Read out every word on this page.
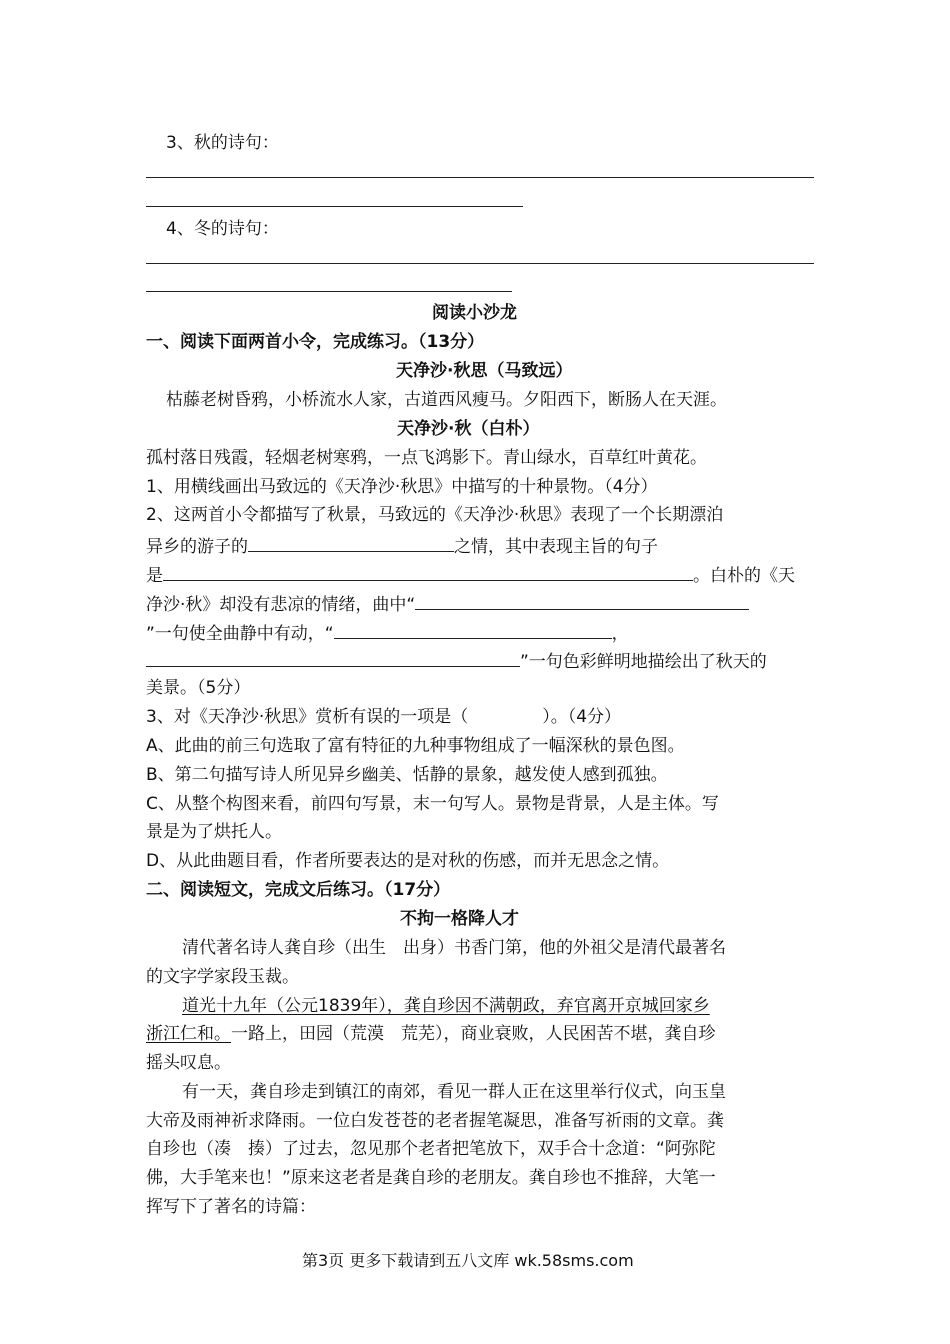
3、秋的诗句：
4、冬的诗句：
阅读小沙龙
一、阅读下面两首小令，完成练习。（13分）
天净沙·秋思（马致远）
枯藤老树昏鸦，小桥流水人家，古道西风瘦马。夕阳西下，断肠人在天涯。
天净沙·秋（白朴）
孤村落日残霞，轻烟老树寒鸦，一点飞鸿影下。青山绿水，百草红叶黄花。
1、用横线画出马致远的《天净沙·秋思》中描写的十种景物。（4分）
2、这两首小令都描写了秋景，马致远的《天净沙·秋思》表现了一个长期漂泊
异乡的游子的	之情，其中表现主旨的句子
是	。白朴的《天
净沙·秋》却没有悲凉的情绪，曲中“
”一句使全曲静中有动，“	，
”一句色彩鲜明地描绘出了秋天的
美景。（5分）
3、对《天净沙·秋思》赏析有误的一项是（	）。（4分）
A、此曲的前三句选取了富有特征的九种事物组成了一幅深秋的景色图。
B、第二句描写诗人所见异乡幽美、恬静的景象，越发使人感到孤独。
C、从整个构图来看，前四句写景，末一句写人。景物是背景，人是主体。写
景是为了烘托人。
D、从此曲题目看，作者所要表达的是对秋的伤感，而并无思念之情。
二、阅读短文，完成文后练习。（17分）
不拘一格降人才
清代著名诗人龚自珍（出生　出身）书香门第，他的外祖父是清代最著名
的文字学家段玉裁。
道光十九年（公元1839年），龚自珍因不满朝政，弃官离开京城回家乡
浙江仁和。一路上，田园（荒漠　荒芜），商业衰败，人民困苦不堪，龚自珍
摇头叹息。
有一天，龚自珍走到镇江的南郊，看见一群人正在这里举行仪式，向玉皇
大帝及雨神祈求降雨。一位白发苍苍的老者握笔凝思，准备写祈雨的文章。龚
自珍也（凑　揍）了过去，忽见那个老者把笔放下，双手合十念道：“阿弥陀
佛，大手笔来也！”原来这老者是龚自珍的老朋友。龚自珍也不推辞，大笔一
挥写下了著名的诗篇：
第3页 更多下载请到五八文库 wk.58sms.com
